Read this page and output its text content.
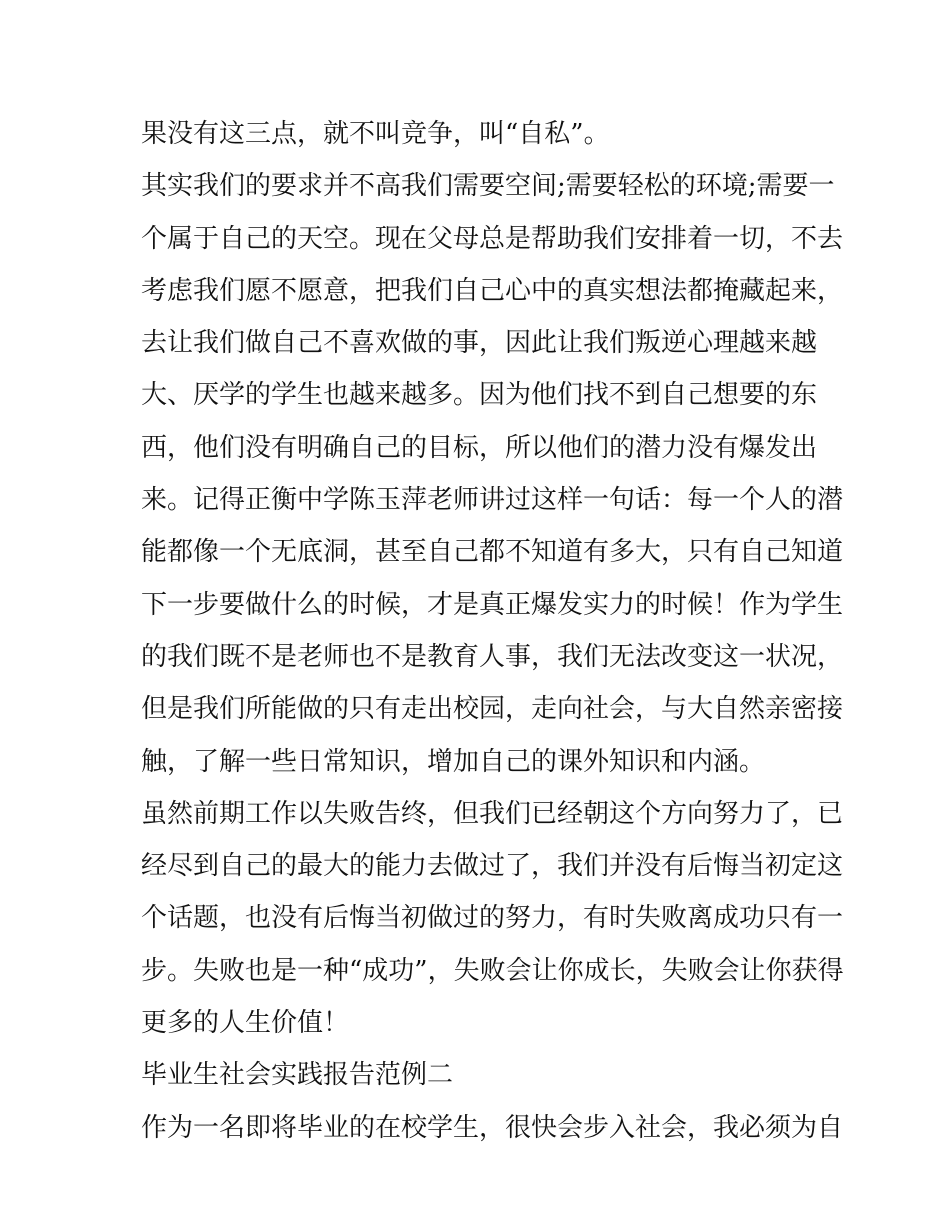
果没有这三点，就不叫竞争，叫“自私”。
其实我们的要求并不高我们需要空间;需要轻松的环境;需要一
个属于自己的天空。现在父母总是帮助我们安排着一切，不去
考虑我们愿不愿意，把我们自己心中的真实想法都掩藏起来，
去让我们做自己不喜欢做的事，因此让我们叛逆心理越来越
大、厌学的学生也越来越多。因为他们找不到自己想要的东
西，他们没有明确自己的目标，所以他们的潜力没有爆发出
来。记得正衡中学陈玉萍老师讲过这样一句话：每一个人的潜
能都像一个无底洞，甚至自己都不知道有多大，只有自己知道
下一步要做什么的时候，才是真正爆发实力的时候！作为学生
的我们既不是老师也不是教育人事，我们无法改变这一状况，
但是我们所能做的只有走出校园，走向社会，与大自然亲密接
触，了解一些日常知识，增加自己的课外知识和内涵。
虽然前期工作以失败告终，但我们已经朝这个方向努力了，已
经尽到自己的最大的能力去做过了，我们并没有后悔当初定这
个话题，也没有后悔当初做过的努力，有时失败离成功只有一
步。失败也是一种“成功”，失败会让你成长，失败会让你获得
更多的人生价值！
毕业生社会实践报告范例二
作为一名即将毕业的在校学生，很快会步入社会，我必须为自
